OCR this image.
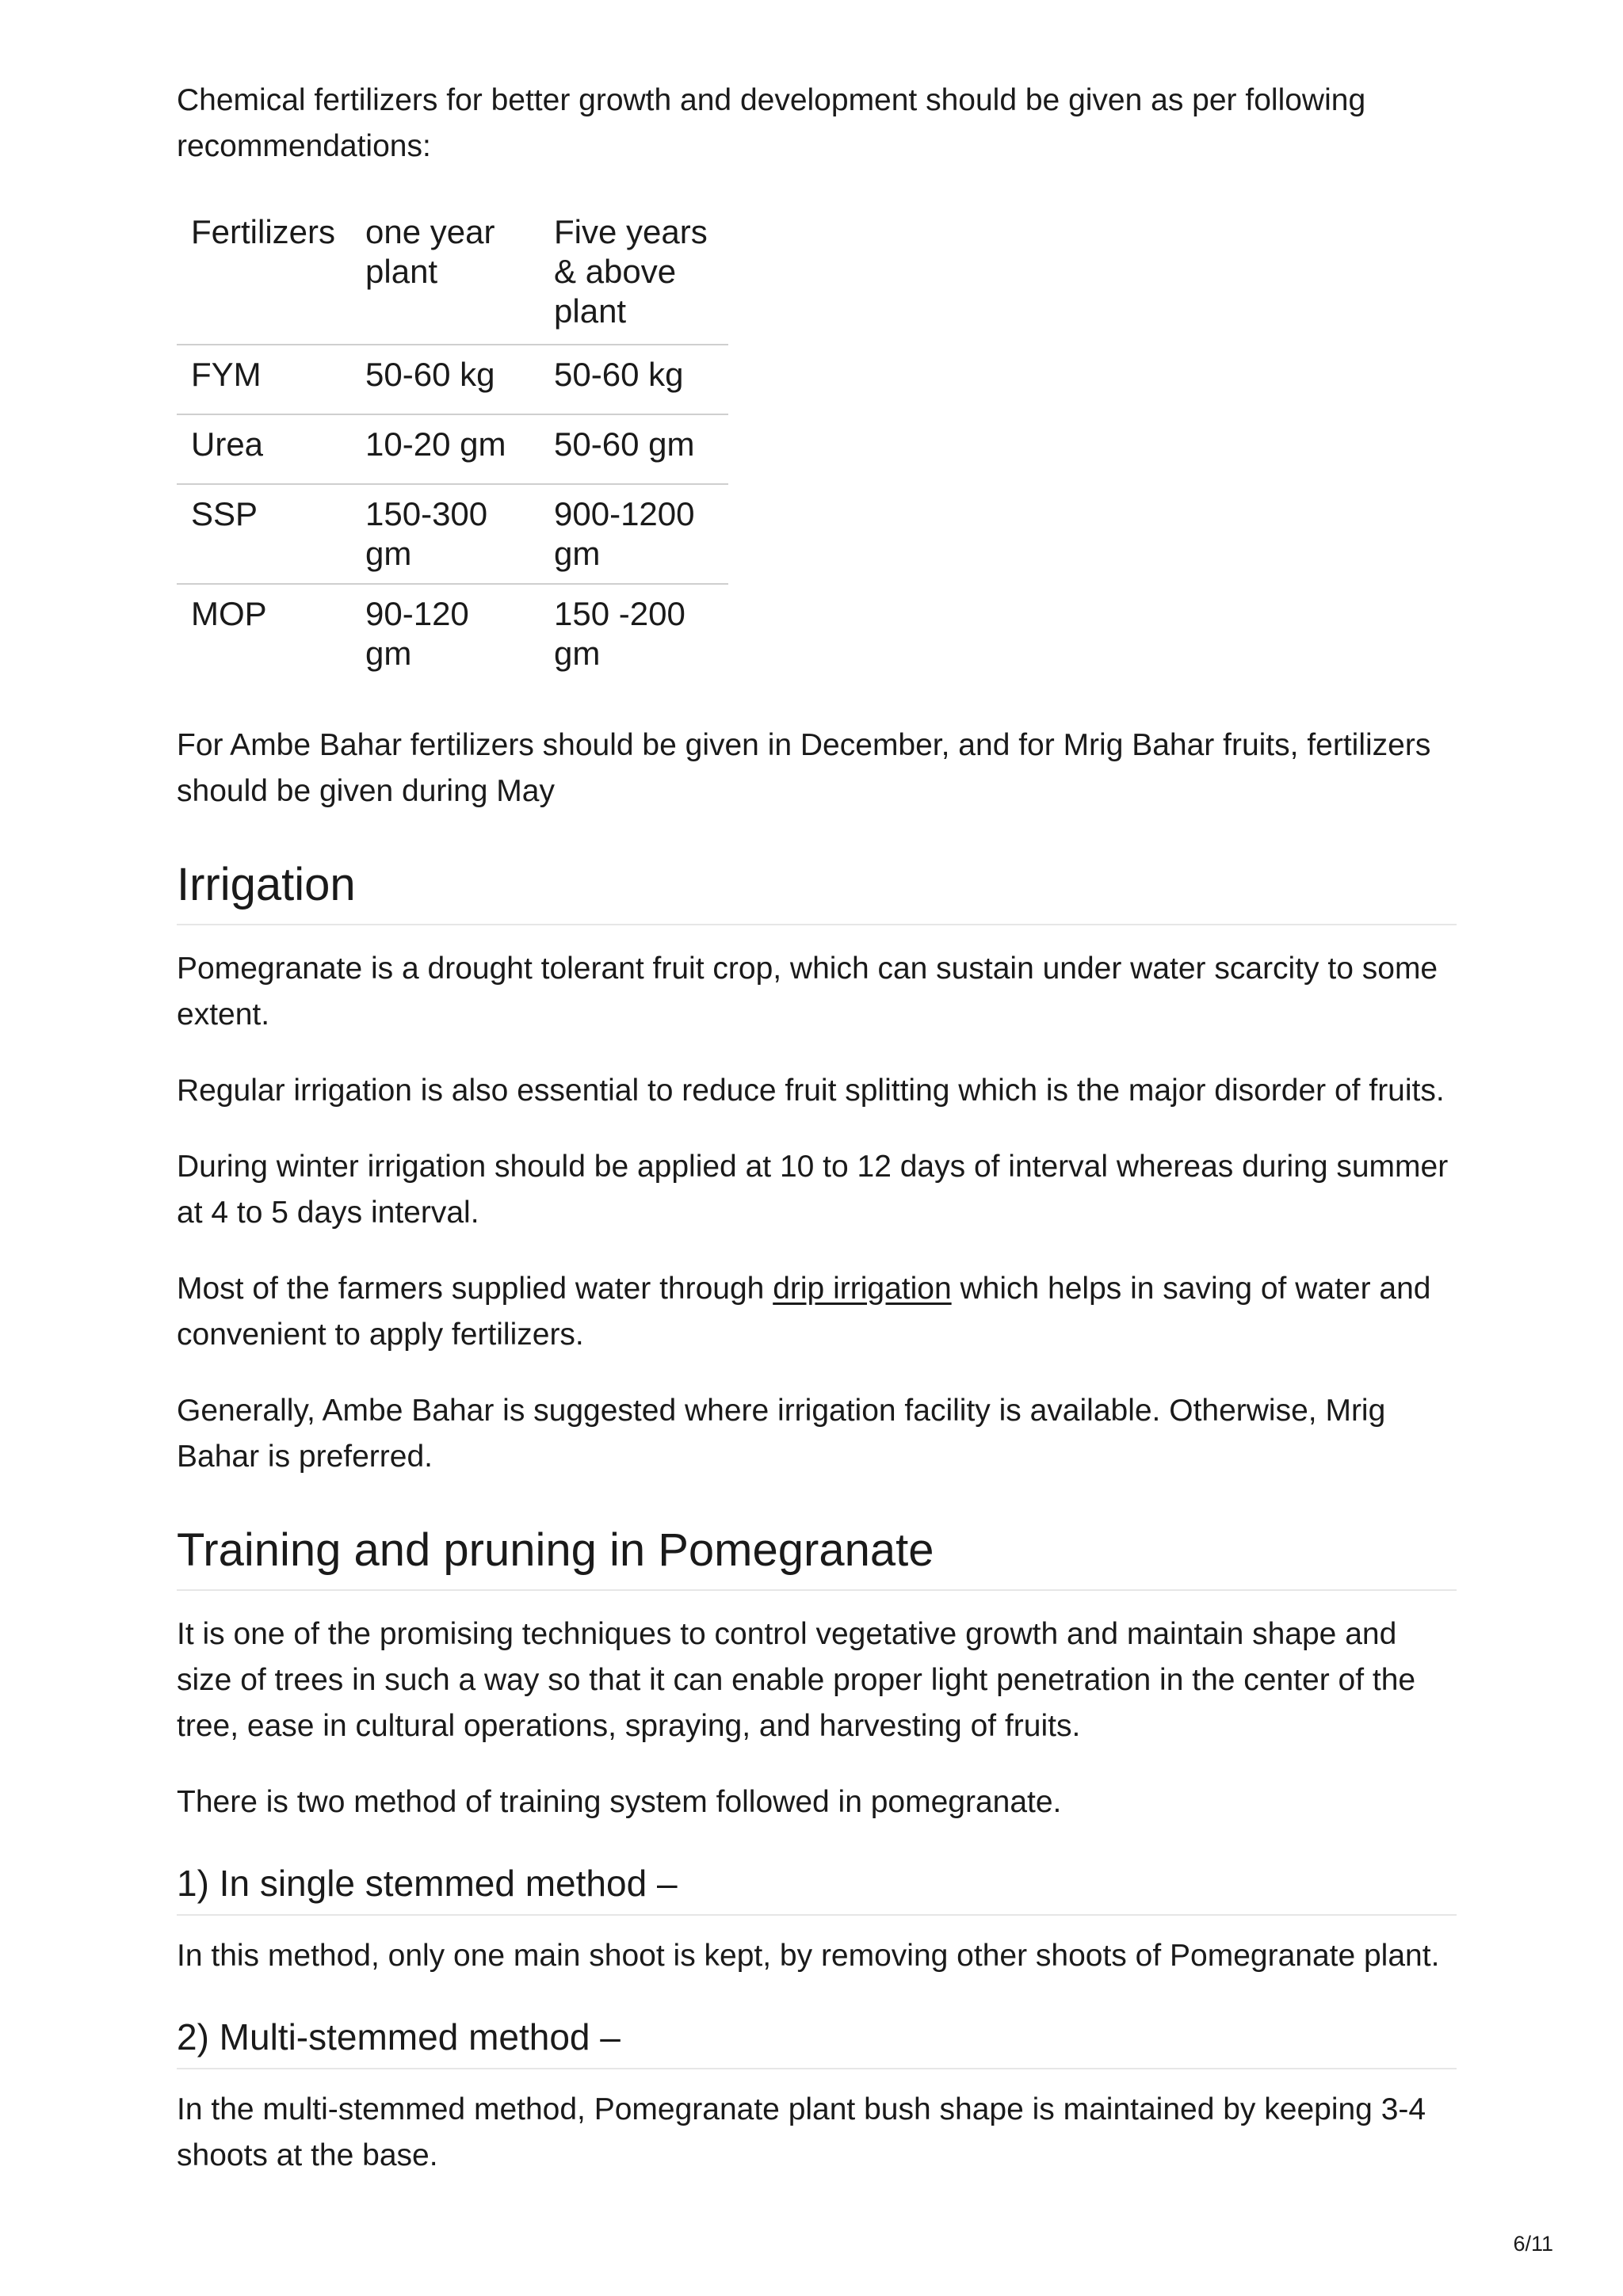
Chemical fertilizers for better growth and development should be given as per following recommendations:

Fertilizers	one year plant	Five years & above plant
FYM	50-60 kg	50-60 kg
Urea	10-20 gm	50-60 gm
SSP	150-300 gm	900-1200 gm
MOP	90-120 gm	150 -200 gm

For Ambe Bahar fertilizers should be given in December, and for Mrig Bahar fruits, fertilizers should be given during May

Irrigation

Pomegranate is a drought tolerant fruit crop, which can sustain under water scarcity to some extent.

Regular irrigation is also essential to reduce fruit splitting which is the major disorder of fruits.

During winter irrigation should be applied at 10 to 12 days of interval whereas during summer at 4 to 5 days interval.

Most of the farmers supplied water through drip irrigation which helps in saving of water and convenient to apply fertilizers.

Generally, Ambe Bahar is suggested where irrigation facility is available. Otherwise, Mrig Bahar is preferred.

Training and pruning in Pomegranate

It is one of the promising techniques to control vegetative growth and maintain shape and size of trees in such a way so that it can enable proper light penetration in the center of the tree, ease in cultural operations, spraying, and harvesting of fruits.

There is two method of training system followed in pomegranate.

1) In single stemmed method –

In this method, only one main shoot is kept, by removing other shoots of Pomegranate plant.

2) Multi-stemmed method –

In the multi-stemmed method, Pomegranate plant bush shape is maintained by keeping 3-4 shoots at the base.

6/11
